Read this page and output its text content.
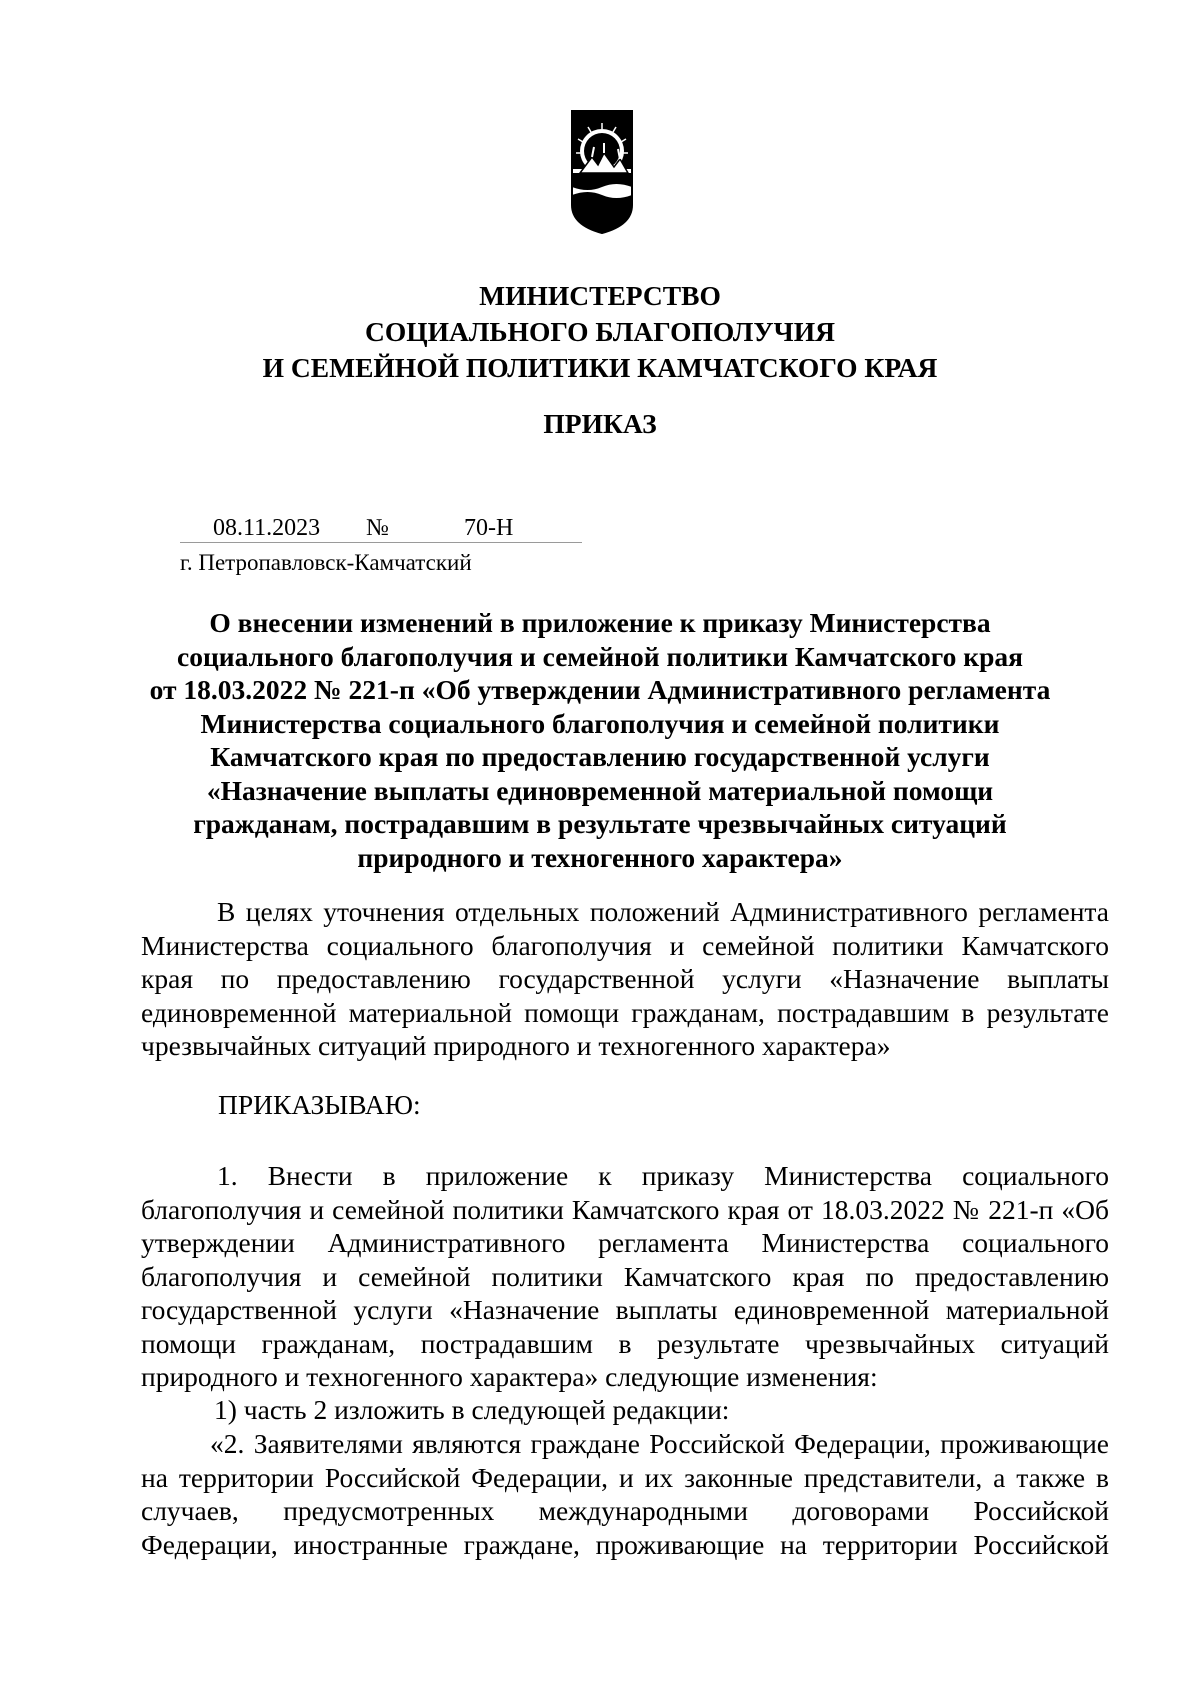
МИНИСТЕРСТВО
СОЦИАЛЬНОГО БЛАГОПОЛУЧИЯ
И СЕМЕЙНОЙ ПОЛИТИКИ КАМЧАТСКОГО КРАЯ
ПРИКАЗ
08.11.2023 №	70-Н
г. Петропавловск-Камчатский
О внесении изменений в приложение к приказу Министерства
социального благополучия и семейной политики Камчатского края
от 18.03.2022 № 221-п «Об утверждении Административного регламента
Министерства социального благополучия и семейной политики
Камчатского края по предоставлению государственной услуги
«Назначение выплаты единовременной материальной помощи
гражданам, пострадавшим в результате чрезвычайных ситуаций
природного и техногенного характера»
В целях уточнения отдельных положений Административного регламента
Министерства социального благополучия и семейной политики Камчатского
края по предоставлению государственной услуги «Назначение выплаты
единовременной материальной помощи гражданам, пострадавшим в результате
чрезвычайных ситуаций природного и техногенного характера»
ПРИКАЗЫВАЮ:
1. Внести в приложение к приказу Министерства социального
благополучия и семейной политики Камчатского края от 18.03.2022 № 221-п «Об
утверждении Административного регламента Министерства социального
благополучия и семейной политики Камчатского края по предоставлению
государственной услуги «Назначение выплаты единовременной материальной
помощи гражданам, пострадавшим в результате чрезвычайных ситуаций
природного и техногенного характера» следующие изменения:
1) часть 2 изложить в следующей редакции:
«2. Заявителями являются граждане Российской Федерации, проживающие
на территории Российской Федерации, и их законные представители, а также в
случаев, предусмотренных международными договорами Российской
Федерации, иностранные граждане, проживающие на территории Российской
